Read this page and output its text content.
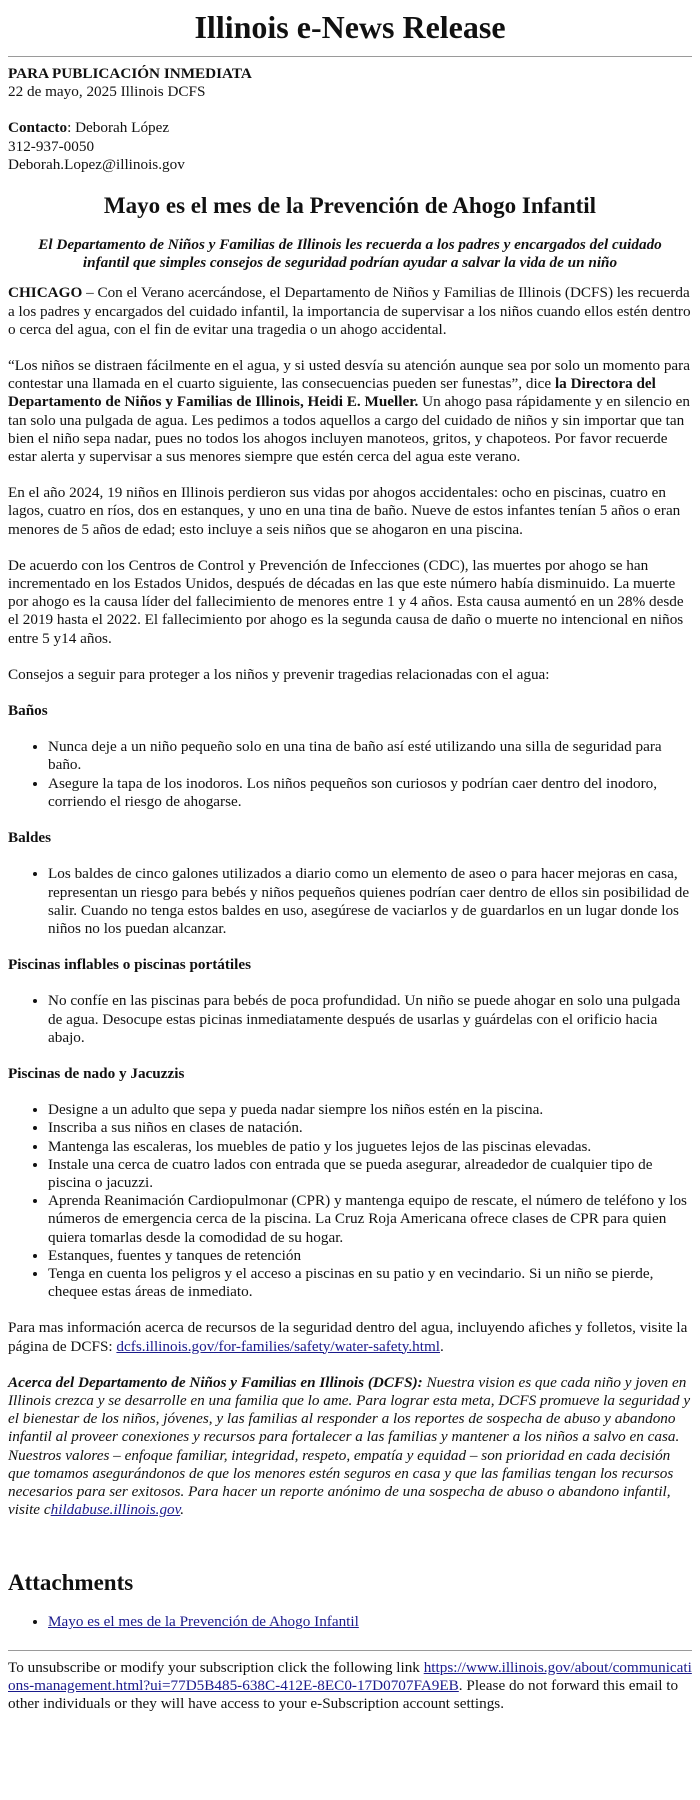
Illinois e-News Release
PARA PUBLICACIÓN INMEDIATA
22 de mayo, 2025 Illinois DCFS
Contacto: Deborah López
312-937-0050
Deborah.Lopez@illinois.gov
Mayo es el mes de la Prevención de Ahogo Infantil
El Departamento de Niños y Familias de Illinois les recuerda a los padres y encargados del cuidado infantil que simples consejos de seguridad podrían ayudar a salvar la vida de un niño

CHICAGO – Con el Verano acercándose, el Departamento de Niños y Familias de Illinois (DCFS) les recuerda a los padres y encargados del cuidado infantil, la importancia de supervisar a los niños cuando ellos estén dentro o cerca del agua, con el fin de evitar una tragedia o un ahogo accidental.

“Los niños se distraen fácilmente en el agua, y si usted desvía su atención aunque sea por solo un momento para contestar una llamada en el cuarto siguiente, las consecuencias pueden ser funestas”, dice la Directora del Departamento de Niños y Familias de Illinois, Heidi E. Mueller. Un ahogo pasa rápidamente y en silencio en tan solo una pulgada de agua. Les pedimos a todos aquellos a cargo del cuidado de niños y sin importar que tan bien el niño sepa nadar, pues no todos los ahogos incluyen manoteos, gritos, y chapoteos. Por favor recuerde estar alerta y supervisar a sus menores siempre que estén cerca del agua este verano.

En el año 2024, 19 niños en Illinois perdieron sus vidas por ahogos accidentales: ocho en piscinas, cuatro en lagos, cuatro en ríos, dos en estanques, y uno en una tina de baño. Nueve de estos infantes tenían 5 años o eran menores de 5 años de edad; esto incluye a seis niños que se ahogaron en una piscina.

De acuerdo con los Centros de Control y Prevención de Infecciones (CDC), las muertes por ahogo se han incrementado en los Estados Unidos, después de décadas en las que este número había disminuido. La muerte por ahogo es la causa líder del fallecimiento de menores entre 1 y 4 años. Esta causa aumentó en un 28% desde el 2019 hasta el 2022. El fallecimiento por ahogo es la segunda causa de daño o muerte no intencional en niños entre 5 y14 años.

Consejos a seguir para proteger a los niños y prevenir tragedias relacionadas con el agua:

Baños
• Nunca deje a un niño pequeño solo en una tina de baño así esté utilizando una silla de seguridad para baño.
• Asegure la tapa de los inodoros. Los niños pequeños son curiosos y podrían caer dentro del inodoro, corriendo el riesgo de ahogarse.
Baldes
• Los baldes de cinco galones utilizados a diario como un elemento de aseo o para hacer mejoras en casa, representan un riesgo para bebés y niños pequeños quienes podrían caer dentro de ellos sin posibilidad de salir. Cuando no tenga estos baldes en uso, asegúrese de vaciarlos y de guardarlos en un lugar donde los niños no los puedan alcanzar.
Piscinas inflables o piscinas portátiles
• No confíe en las piscinas para bebés de poca profundidad. Un niño se puede ahogar en solo una pulgada de agua. Desocupe estas picinas inmediatamente después de usarlas y guárdelas con el orificio hacia abajo.
Piscinas de nado y Jacuzzis
• Designe a un adulto que sepa y pueda nadar siempre los niños estén en la piscina.
• Inscriba a sus niños en clases de natación.
• Mantenga las escaleras, los muebles de patio y los juguetes lejos de las piscinas elevadas.
• Instale una cerca de cuatro lados con entrada que se pueda asegurar, alreadedor de cualquier tipo de piscina o jacuzzi.
• Aprenda Reanimación Cardiopulmonar (CPR) y mantenga equipo de rescate, el número de teléfono y los números de emergencia cerca de la piscina. La Cruz Roja Americana ofrece clases de CPR para quien quiera tomarlas desde la comodidad de su hogar.
• Estanques, fuentes y tanques de retención
• Tenga en cuenta los peligros y el acceso a piscinas en su patio y en vecindario. Si un niño se pierde, chequee estas áreas de inmediato.

Para mas información acerca de recursos de la seguridad dentro del agua, incluyendo afiches y folletos, visite la página de DCFS: dcfs.illinois.gov/for-families/safety/water-safety.html.

Acerca del Departamento de Niños y Familias en Illinois (DCFS): Nuestra vision es que cada niño y joven en Illinois crezca y se desarrolle en una familia que lo ame. Para lograr esta meta, DCFS promueve la seguridad y el bienestar de los niños, jóvenes, y las familias al responder a los reportes de sospecha de abuso y abandono infantil al proveer conexiones y recursos para fortalecer a las familias y mantener a los niños a salvo en casa. Nuestros valores – enfoque familiar, integridad, respeto, empatía y equidad – son prioridad en cada decisión que tomamos asegurándonos de que los menores estén seguros en casa y que las familias tengan los recursos necesarios para ser exitosos. Para hacer un reporte anónimo de una sospecha de abuso o abandono infantil, visite childabuse.illinois.gov.

Attachments
• Mayo es el mes de la Prevención de Ahogo Infantil
To unsubscribe or modify your subscription click the following link https://www.illinois.gov/about/communications-management.html?ui=77D5B485-638C-412E-8EC0-17D0707FA9EB. Please do not forward this email to other individuals or they will have access to your e-Subscription account settings.
